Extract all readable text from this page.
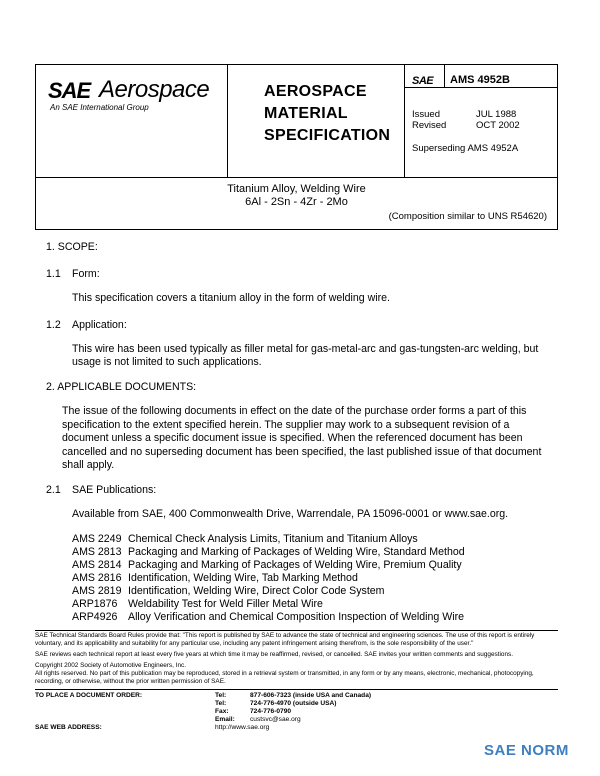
SAE Aerospace
An SAE International Group
AEROSPACE
MATERIAL
SPECIFICATION
SAE AMS 4952B
Issued	JUL 1988
Revised	OCT 2002
Superseding AMS 4952A
Titanium Alloy, Welding Wire
6Al - 2Sn - 4Zr - 2Mo
(Composition similar to UNS R54620)
1. SCOPE:
1.1 Form:
This specification covers a titanium alloy in the form of welding wire.
1.2 Application:
This wire has been used typically as filler metal for gas-metal-arc and gas-tungsten-arc welding, but
usage is not limited to such applications.
2. APPLICABLE DOCUMENTS:
The issue of the following documents in effect on the date of the purchase order forms a part of this
specification to the extent specified herein. The supplier may work to a subsequent revision of a
document unless a specific document issue is specified. When the referenced document has been
cancelled and no superseding document has been specified, the last published issue of that document
shall apply.
2.1 SAE Publications:
Available from SAE, 400 Commonwealth Drive, Warrendale, PA 15096-0001 or www.sae.org.
AMS 2249 Chemical Check Analysis Limits, Titanium and Titanium Alloys
AMS 2813 Packaging and Marking of Packages of Welding Wire, Standard Method
AMS 2814 Packaging and Marking of Packages of Welding Wire, Premium Quality
AMS 2816 Identification, Welding Wire, Tab Marking Method
AMS 2819 Identification, Welding Wire, Direct Color Code System
ARP1876 Weldability Test for Weld Filler Metal Wire
ARP4926 Alloy Verification and Chemical Composition Inspection of Welding Wire
SAE Technical Standards Board Rules provide that: "This report is published by SAE to advance the state of technical and engineering sciences. The use of this report is entirely voluntary, and its applicability and suitability for any particular use, including any patent infringement arising therefrom, is the sole responsibility of the user."
SAE reviews each technical report at least every five years at which time it may be reaffirmed, revised, or cancelled. SAE invites your written comments and suggestions.
Copyright 2002 Society of Automotive Engineers, Inc.
All rights reserved. No part of this publication may be reproduced, stored in a retrieval system or transmitted, in any form or by any means, electronic, mechanical, photocopying, recording, or otherwise, without the prior written permission of SAE.
TO PLACE A DOCUMENT ORDER:	Tel:	877-606-7323 (inside USA and Canada)
Tel:	724-776-4970 (outside USA)
Fax:	724-776-0790
Email: custsvc@sae.org
SAE WEB ADDRESS:	http://www.sae.org
SAE NORM
